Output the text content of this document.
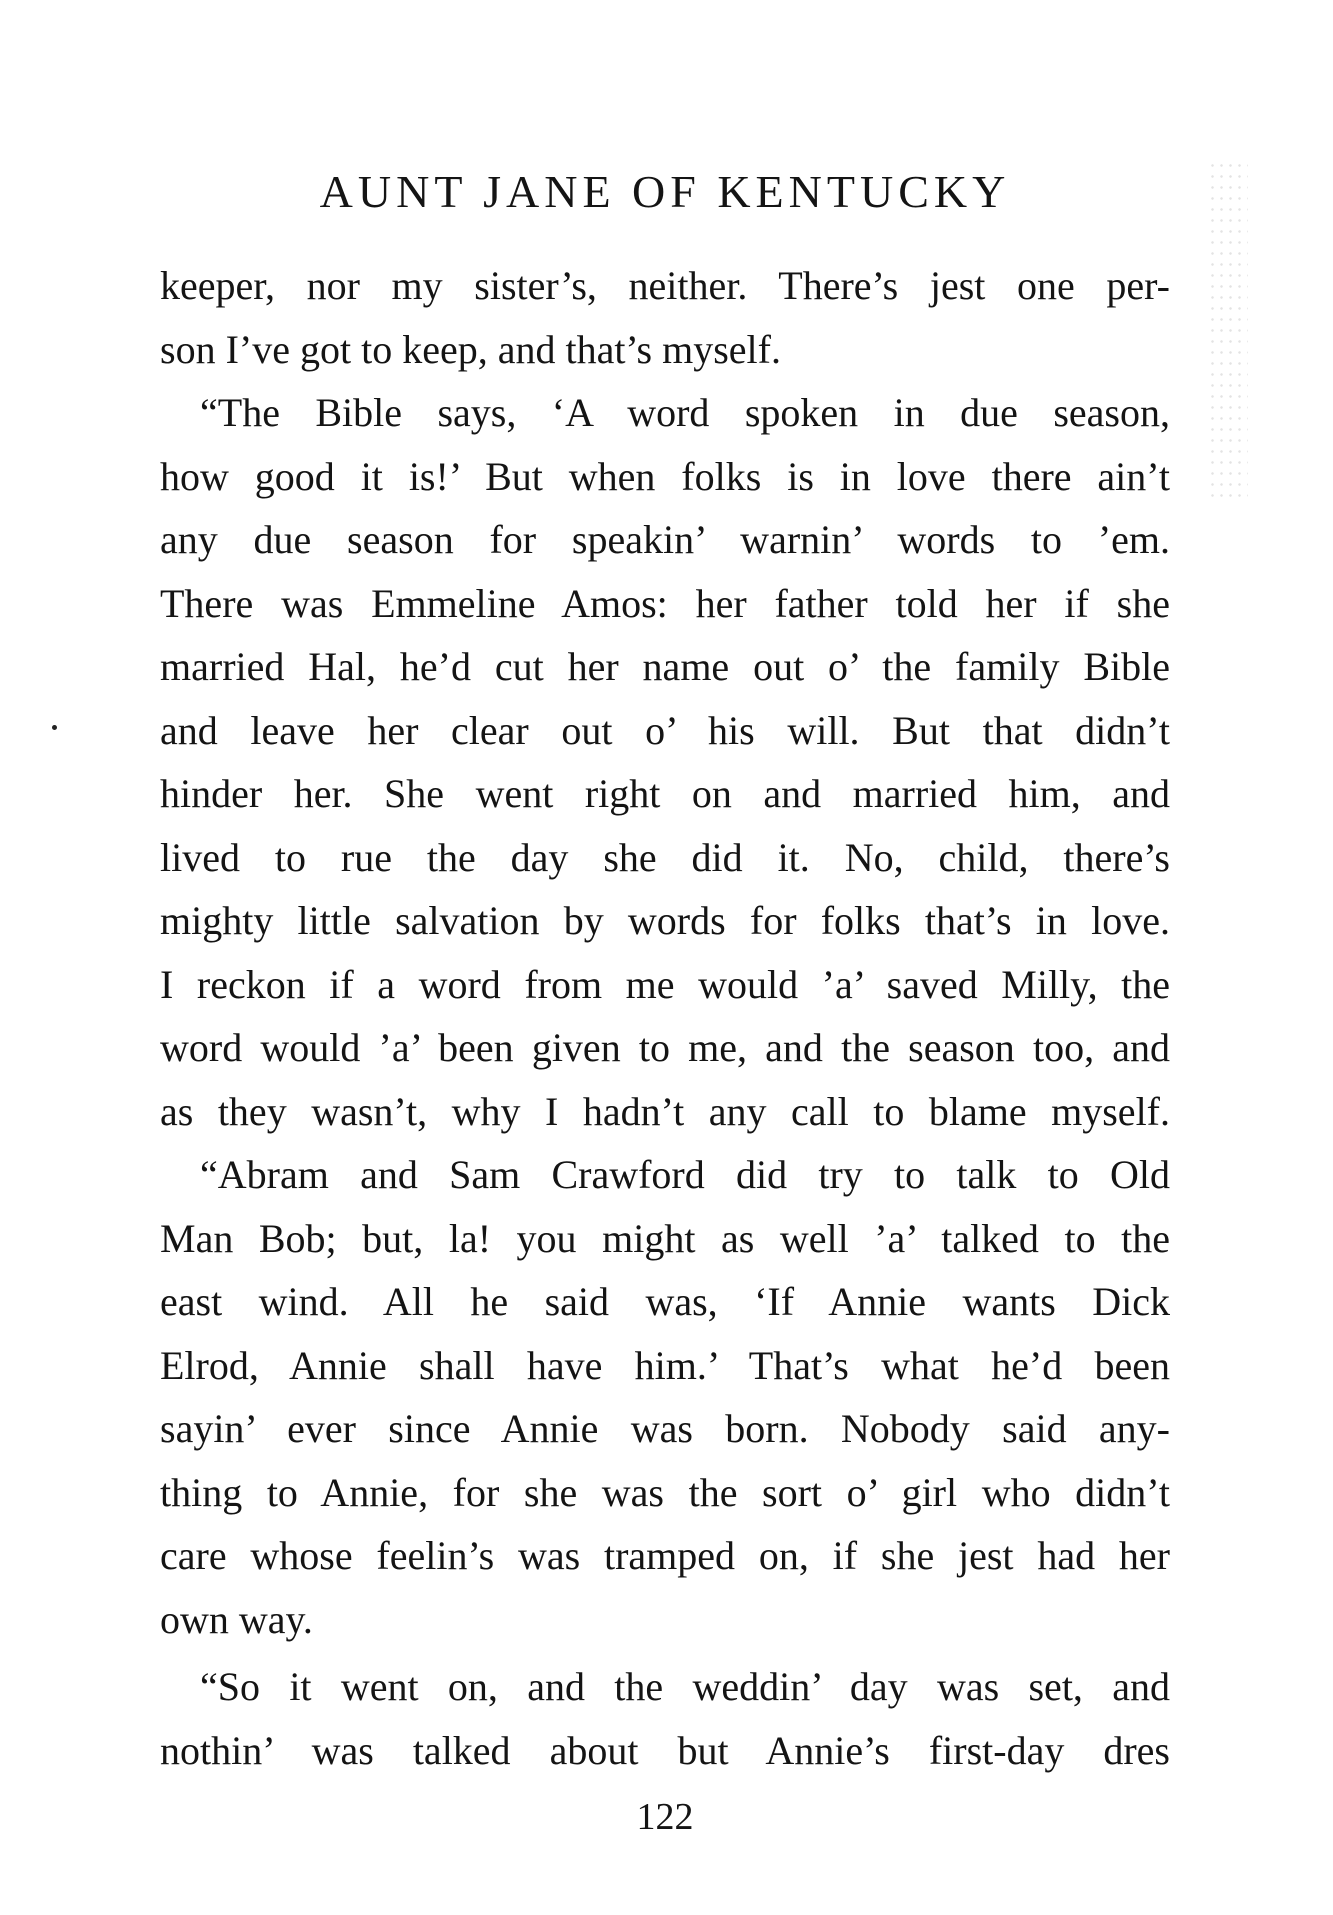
AUNT JANE OF KENTUCKY
keeper, nor my sister’s, neither. There’s jest one per-
son I’ve got to keep, and that’s myself.
“The Bible says, ‘A word spoken in due season,
how good it is!’ But when folks is in love there ain’t
any due season for speakin’ warnin’ words to ’em.
There was Emmeline Amos: her father told her if she
married Hal, he’d cut her name out o’ the family Bible
and leave her clear out o’ his will. But that didn’t
hinder her. She went right on and married him, and
lived to rue the day she did it. No, child, there’s
mighty little salvation by words for folks that’s in love.
I reckon if a word from me would ’a’ saved Milly, the
word would ’a’ been given to me, and the season too, and
as they wasn’t, why I hadn’t any call to blame myself.
“Abram and Sam Crawford did try to talk to Old
Man Bob; but, la! you might as well ’a’ talked to the
east wind. All he said was, ‘If Annie wants Dick
Elrod, Annie shall have him.’ That’s what he’d been
sayin’ ever since Annie was born. Nobody said any-
thing to Annie, for she was the sort o’ girl who didn’t
care whose feelin’s was tramped on, if she jest had her
own way.
“So it went on, and the weddin’ day was set, and
nothin’ was talked about but Annie’s first-day dres
122
